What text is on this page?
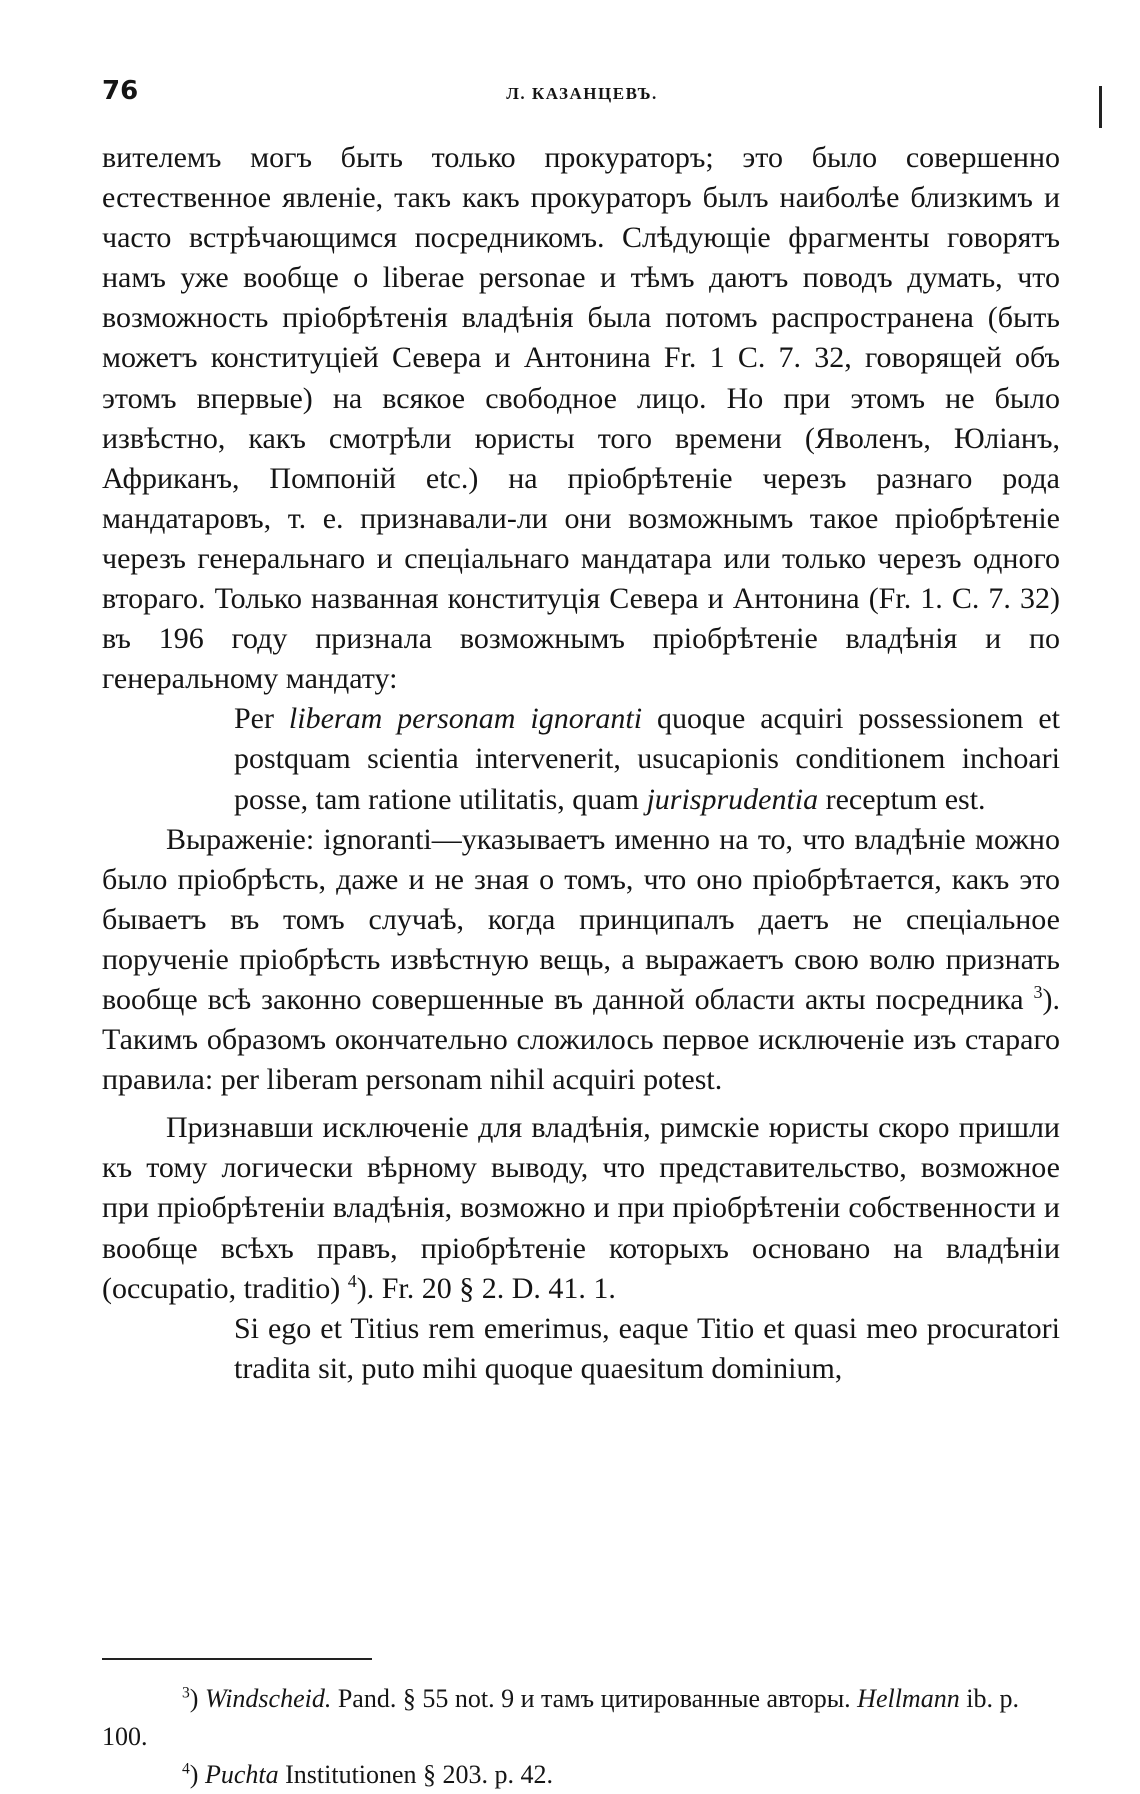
76	Л. КАЗАНЦЕВЪ.

вителемъ могъ быть только прокураторъ; это было совершенно естественное явленіе, такъ какъ прокураторъ былъ наиболѣе близкимъ и часто встрѣчающимся посредникомъ. Слѣдующіе фрагменты говорятъ намъ уже вообще о liberae personae и тѣмъ даютъ поводъ думать, что возможность пріобрѣтенія владѣнія была потомъ распространена (быть можетъ конституціей Севера и Антонина Fr. 1 C. 7. 32, говорящей объ этомъ впервые) на всякое свободное лицо. Но при этомъ не было извѣстно, какъ смотрѣли юристы того времени (Яволенъ, Юліанъ, Африканъ, Помпоній etc.) на пріобрѣтеніе черезъ разнаго рода мандатаровъ, т. е. признавали-ли они возможнымъ такое пріобрѣтеніе черезъ генеральнаго и спеціальнаго мандатара или только черезъ одного втораго. Только названная конституція Севера и Антонина (Fr. 1. C. 7. 32) въ 196 году признала возможнымъ пріобрѣтеніе владѣнія и по генеральному мандату:

Per liberam personam ignoranti quoque acquiri possessionem et postquam scientia intervenerit, usucapionis conditionem inchoari posse, tam ratione utilitatis, quam jurisprudentia receptum est.

Выраженіе: ignoranti—указываетъ именно на то, что владѣніе можно было пріобрѣсть, даже и не зная о томъ, что оно пріобрѣтается, какъ это бываетъ въ томъ случаѣ, когда принципалъ даетъ не спеціальное порученіе пріобрѣсть извѣстную вещь, а выражаетъ свою волю признать вообще всѣ законно совершенные въ данной области акты посредника $^3$). Такимъ образомъ окончательно сложилось первое исключеніе изъ стараго правила: per liberam personam nihil acquiri potest.

Признавши исключеніе для владѣнія, римскіе юристы скоро пришли къ тому логически вѣрному выводу, что представительство, возможное при пріобрѣтеніи владѣнія, возможно и при пріобрѣтеніи собственности и вообще всѣхъ правъ, пріобрѣтеніе которыхъ основано на владѣніи (occupatio, traditio) $^4$). Fr. 20 § 2. D. 41. 1.

Si ego et Titius rem emerimus, eaque Titio et quasi meo procuratori tradita sit, puto mihi quoque quaesitum dominium,

$^3$) Windscheid. Pand. § 55 not. 9 и тамъ цитированные авторы. Hellmann ib. p. 100.

$^4$) Puchta Institutionen § 203. p. 42.
